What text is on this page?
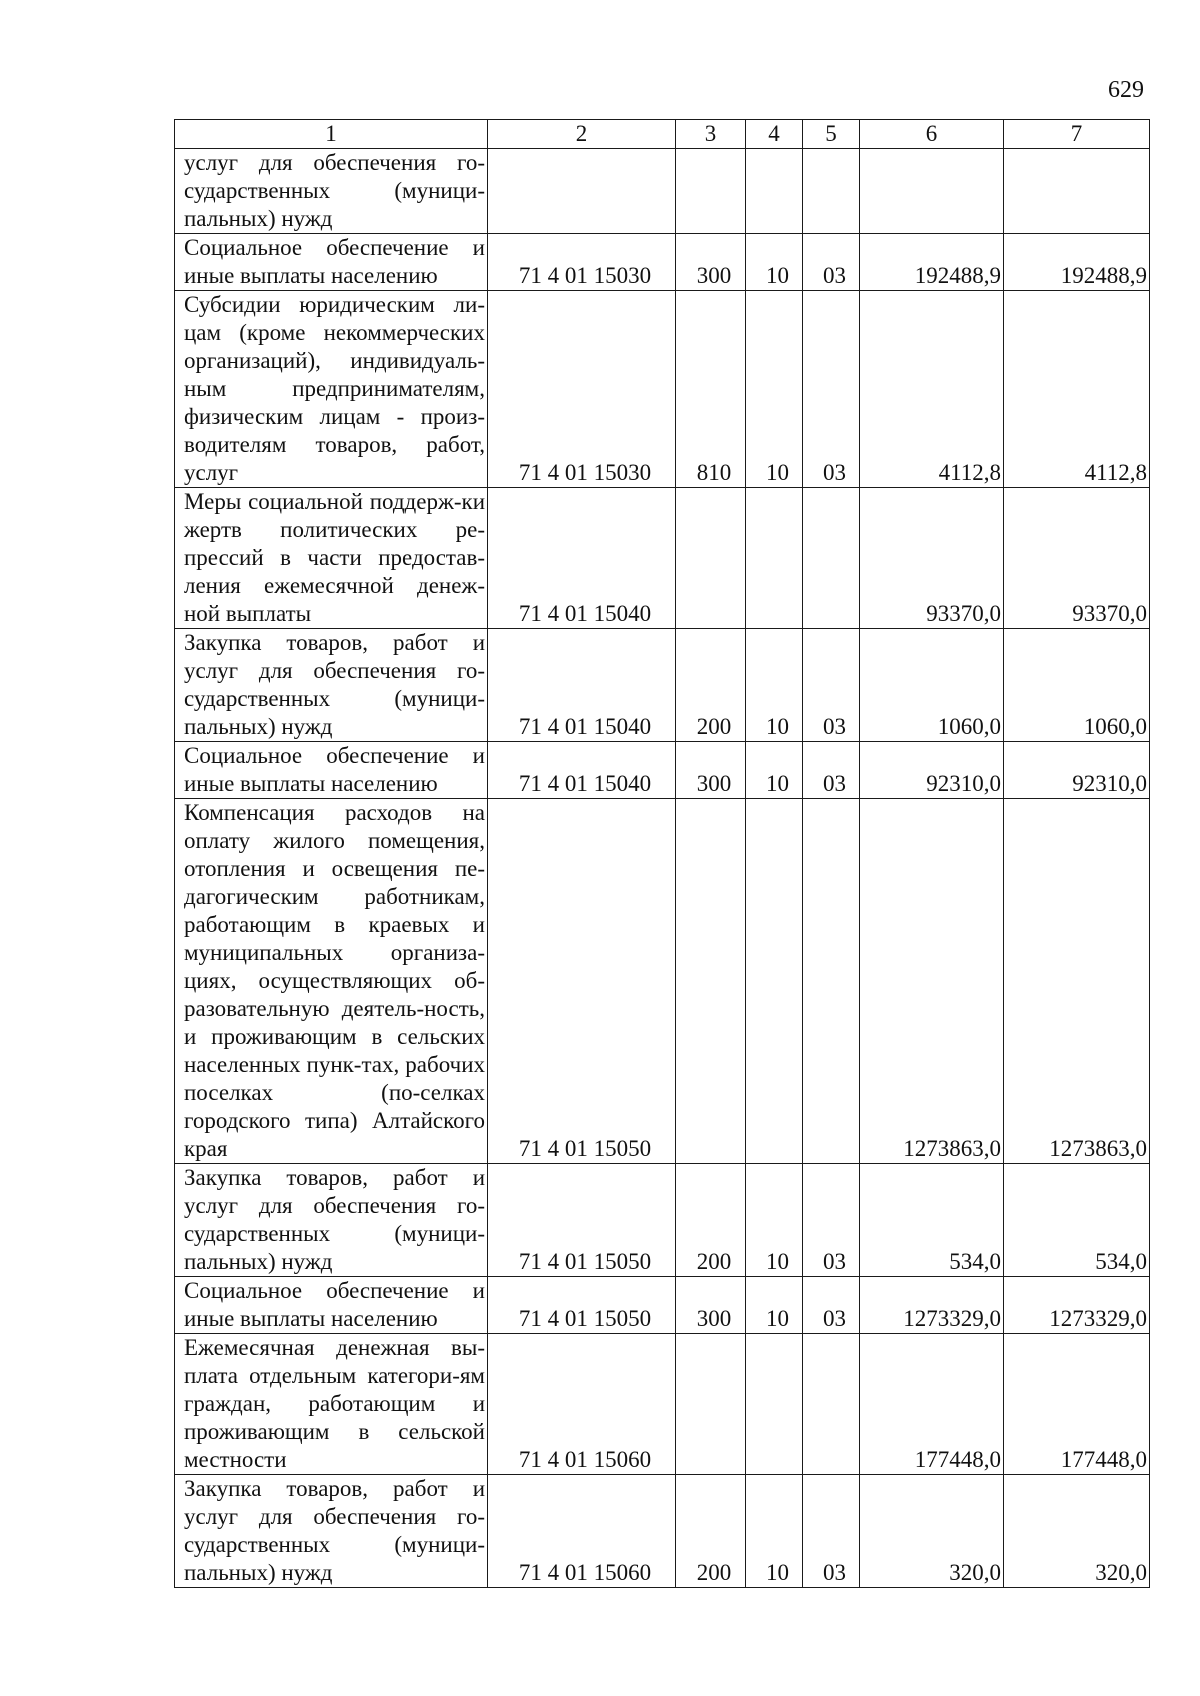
629
1	2	3	4	5	6	7
услуг для обеспечения го-сударственных (муници-пальных) нужд						
Социальное обеспечение и иные выплаты населению	71 4 01 15030	300	10	03	192488,9	192488,9
Субсидии юридическим ли-цам (кроме некоммерческих организаций), индивидуаль-ным предпринимателям, физическим лицам - произ-водителям товаров, работ, услуг	71 4 01 15030	810	10	03	4112,8	4112,8
Меры социальной поддерж-ки жертв политических ре-прессий в части предостав-ления ежемесячной денеж-ной выплаты	71 4 01 15040				93370,0	93370,0
Закупка товаров, работ и услуг для обеспечения го-сударственных (муници-пальных) нужд	71 4 01 15040	200	10	03	1060,0	1060,0
Социальное обеспечение и иные выплаты населению	71 4 01 15040	300	10	03	92310,0	92310,0
Компенсация расходов на оплату жилого помещения, отопления и освещения пе-дагогическим работникам, работающим в краевых и муниципальных организа-циях, осуществляющих об-разовательную деятель-ность, и проживающим в сельских населенных пунк-тах, рабочих поселках (по-селках городского типа) Алтайского края	71 4 01 15050				1273863,0	1273863,0
Закупка товаров, работ и услуг для обеспечения го-сударственных (муници-пальных) нужд	71 4 01 15050	200	10	03	534,0	534,0
Социальное обеспечение и иные выплаты населению	71 4 01 15050	300	10	03	1273329,0	1273329,0
Ежемесячная денежная вы-плата отдельным категори-ям граждан, работающим и проживающим в сельской местности	71 4 01 15060				177448,0	177448,0
Закупка товаров, работ и услуг для обеспечения го-сударственных (муници-пальных) нужд	71 4 01 15060	200	10	03	320,0	320,0
